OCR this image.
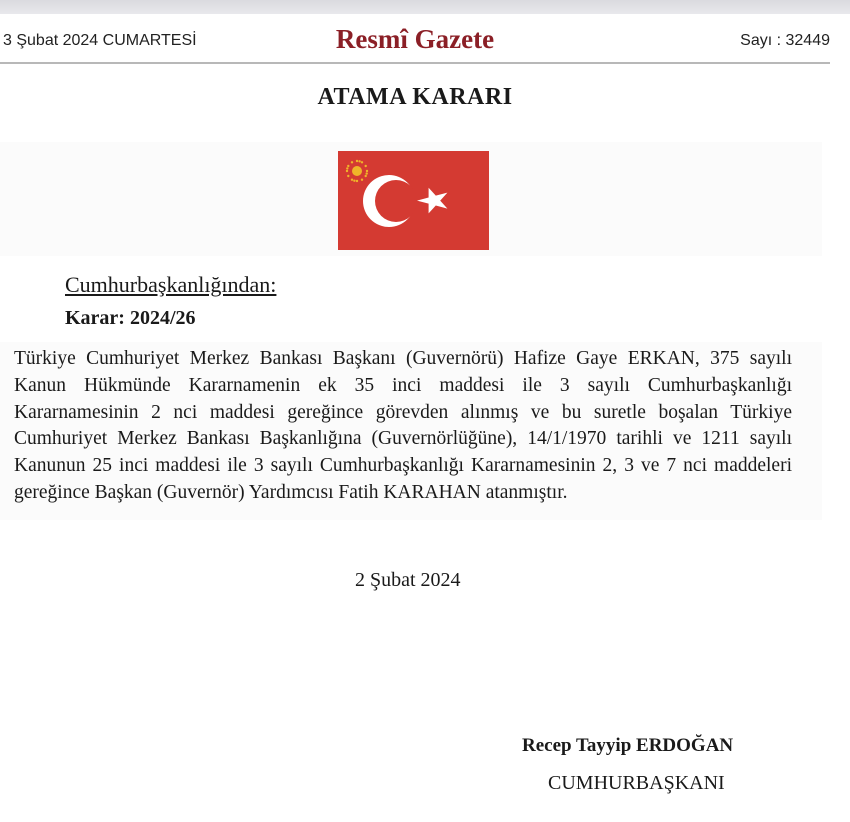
3 Şubat 2024 CUMARTESİ	Resmî Gazete	Sayı : 32449
ATAMA KARARI
Cumhurbaşkanlığından:
Karar: 2024/26
Türkiye Cumhuriyet Merkez Bankası Başkanı (Guvernörü) Hafize Gaye ERKAN, 375 sayılı
Kanun Hükmünde Kararnamenin ek 35 inci maddesi ile 3 sayılı Cumhurbaşkanlığı
Kararnamesinin 2 nci maddesi gereğince görevden alınmış ve bu suretle boşalan Türkiye
Cumhuriyet Merkez Bankası Başkanlığına (Guvernörlüğüne), 14/1/1970 tarihli ve 1211 sayılı
Kanunun 25 inci maddesi ile 3 sayılı Cumhurbaşkanlığı Kararnamesinin 2, 3 ve 7 nci maddeleri
gereğince Başkan (Guvernör) Yardımcısı Fatih KARAHAN atanmıştır.
2 Şubat 2024
Recep Tayyip ERDOĞAN
CUMHURBAŞKANI
